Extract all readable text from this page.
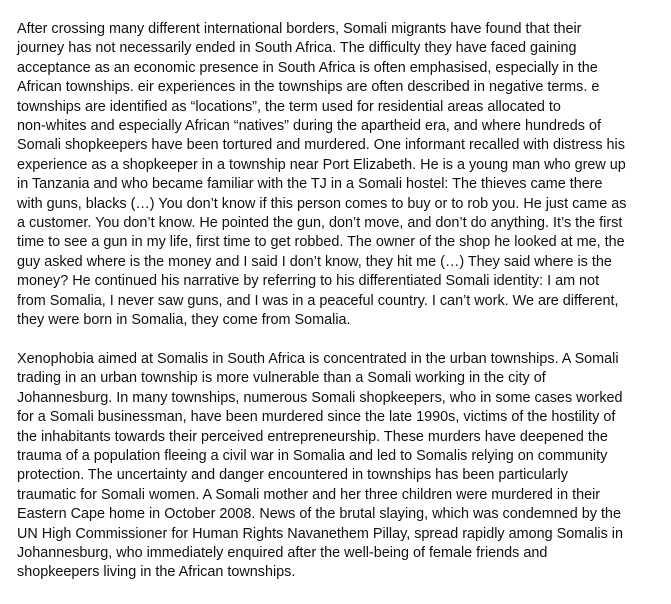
After crossing many different international borders, Somali migrants have found that their
journey has not necessarily ended in South Africa. The difficulty they have faced gaining
acceptance as an economic presence in South Africa is often emphasised, especially in the
African townships. eir experiences in the townships are often described in negative terms. e
townships are identified as “locations”, the term used for residential areas allocated to
non-whites and especially African “natives” during the apartheid era, and where hundreds of
Somali shopkeepers have been tortured and murdered. One informant recalled with distress his
experience as a shopkeeper in a township near Port Elizabeth. He is a young man who grew up
in Tanzania and who became familiar with the TJ in a Somali hostel: The thieves came there
with guns, blacks (…) You don’t know if this person comes to buy or to rob you. He just came as
a customer. You don’t know. He pointed the gun, don’t move, and don’t do anything. It’s the first
time to see a gun in my life, first time to get robbed. The owner of the shop he looked at me, the
guy asked where is the money and I said I don’t know, they hit me (…) They said where is the
money? He continued his narrative by referring to his differentiated Somali identity: I am not
from Somalia, I never saw guns, and I was in a peaceful country. I can’t work. We are different,
they were born in Somalia, they come from Somalia.

Xenophobia aimed at Somalis in South Africa is concentrated in the urban townships. A Somali
trading in an urban township is more vulnerable than a Somali working in the city of
Johannesburg. In many townships, numerous Somali shopkeepers, who in some cases worked
for a Somali businessman, have been murdered since the late 1990s, victims of the hostility of
the inhabitants towards their perceived entrepreneurship. These murders have deepened the
trauma of a population fleeing a civil war in Somalia and led to Somalis relying on community
protection. The uncertainty and danger encountered in townships has been particularly
traumatic for Somali women. A Somali mother and her three children were murdered in their
Eastern Cape home in October 2008. News of the brutal slaying, which was condemned by the
UN High Commissioner for Human Rights Navanethem Pillay, spread rapidly among Somalis in
Johannesburg, who immediately enquired after the well-being of female friends and
shopkeepers living in the African townships.
